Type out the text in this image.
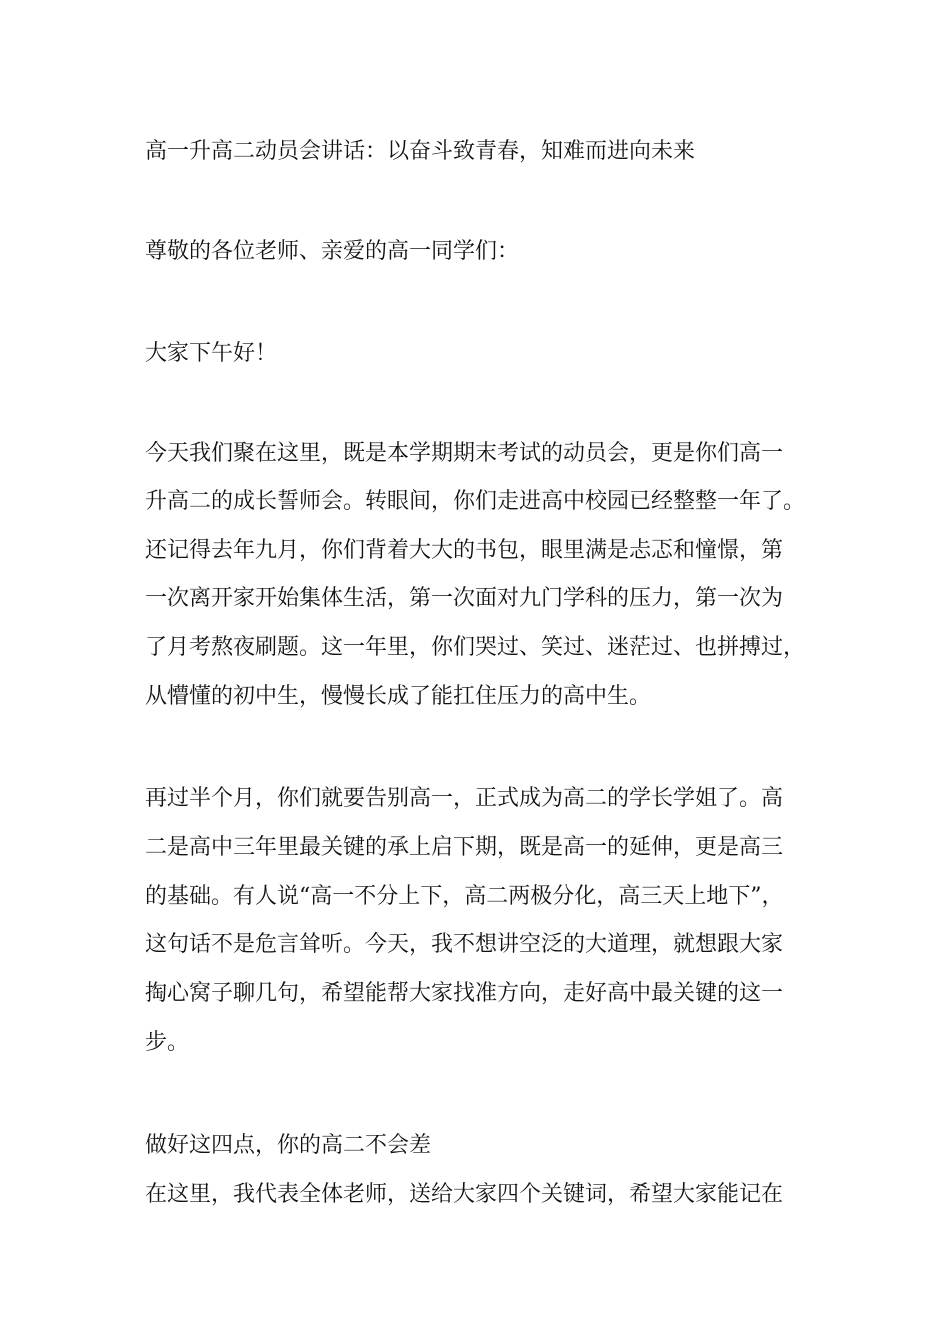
高一升高二动员会讲话：以奋斗致青春，知难而进向未来
尊敬的各位老师、亲爱的高一同学们：
大家下午好！
今天我们聚在这里，既是本学期期末考试的动员会，更是你们高一
升高二的成长誓师会。转眼间，你们走进高中校园已经整整一年了。
还记得去年九月，你们背着大大的书包，眼里满是忐忑和憧憬，第
一次离开家开始集体生活，第一次面对九门学科的压力，第一次为
了月考熬夜刷题。这一年里，你们哭过、笑过、迷茫过、也拼搏过，
从懵懂的初中生，慢慢长成了能扛住压力的高中生。
再过半个月，你们就要告别高一，正式成为高二的学长学姐了。高
二是高中三年里最关键的承上启下期，既是高一的延伸，更是高三
的基础。有人说“高一不分上下，高二两极分化，高三天上地下”，
这句话不是危言耸听。今天，我不想讲空泛的大道理，就想跟大家
掏心窝子聊几句，希望能帮大家找准方向，走好高中最关键的这一
步。
做好这四点，你的高二不会差
在这里，我代表全体老师，送给大家四个关键词，希望大家能记在
